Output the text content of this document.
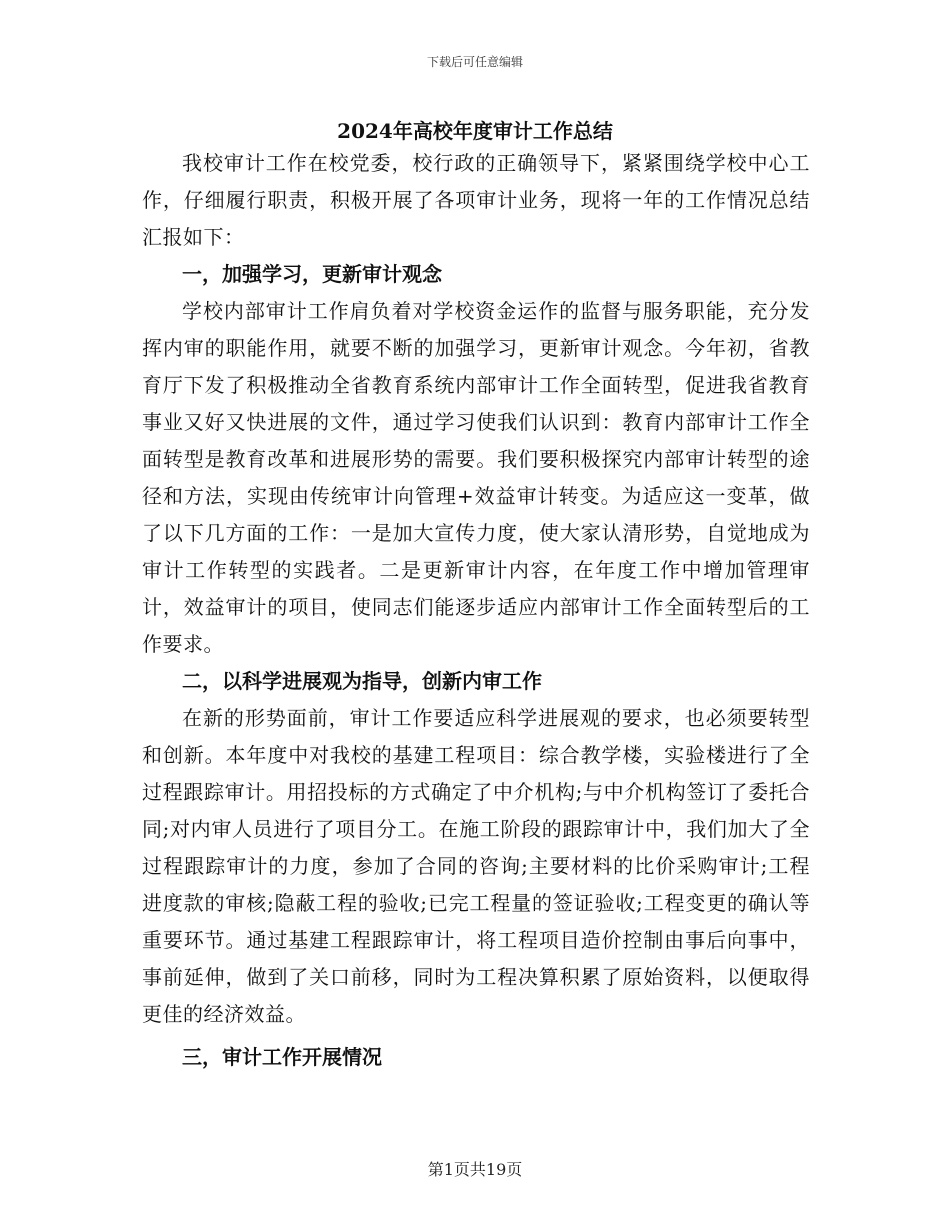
下载后可任意编辑
2024年高校年度审计工作总结

我校审计工作在校党委，校行政的正确领导下，紧紧围绕学校中心工作，仔细履行职责，积极开展了各项审计业务，现将一年的工作情况总结汇报如下：

一，加强学习，更新审计观念

学校内部审计工作肩负着对学校资金运作的监督与服务职能，充分发挥内审的职能作用，就要不断的加强学习，更新审计观念。今年初，省教育厅下发了积极推动全省教育系统内部审计工作全面转型，促进我省教育事业又好又快进展的文件，通过学习使我们认识到：教育内部审计工作全面转型是教育改革和进展形势的需要。我们要积极探究内部审计转型的途径和方法，实现由传统审计向管理+效益审计转变。为适应这一变革，做了以下几方面的工作：一是加大宣传力度，使大家认清形势，自觉地成为审计工作转型的实践者。二是更新审计内容，在年度工作中增加管理审计，效益审计的项目，使同志们能逐步适应内部审计工作全面转型后的工作要求。

二，以科学进展观为指导，创新内审工作

在新的形势面前，审计工作要适应科学进展观的要求，也必须要转型和创新。本年度中对我校的基建工程项目：综合教学楼，实验楼进行了全过程跟踪审计。用招投标的方式确定了中介机构;与中介机构签订了委托合同;对内审人员进行了项目分工。在施工阶段的跟踪审计中，我们加大了全过程跟踪审计的力度，参加了合同的咨询;主要材料的比价采购审计;工程进度款的审核;隐蔽工程的验收;已完工程量的签证验收;工程变更的确认等重要环节。通过基建工程跟踪审计，将工程项目造价控制由事后向事中，事前延伸，做到了关口前移，同时为工程决算积累了原始资料，以便取得更佳的经济效益。

三，审计工作开展情况

第1页共19页
